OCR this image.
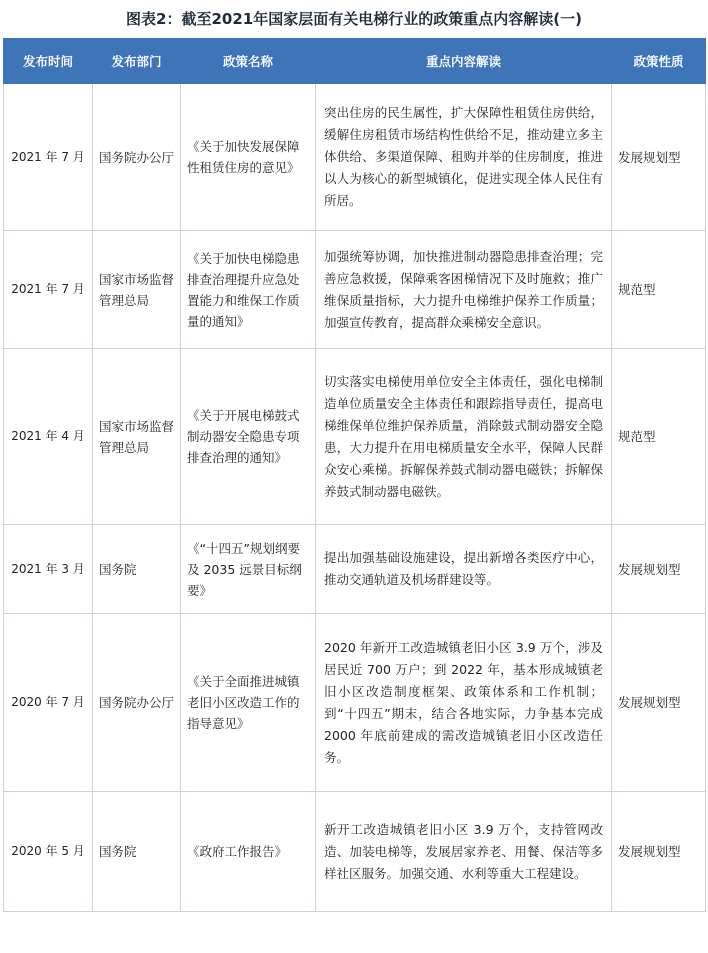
图表2：截至2021年国家层面有关电梯行业的政策重点内容解读(一)
发布时间	发布部门	政策名称	重点内容解读	政策性质
2021 年 7 月	国务院办公厅	《关于加快发展保障性租赁住房的意见》	突出住房的民生属性，扩大保障性租赁住房供给，缓解住房租赁市场结构性供给不足，推动建立多主体供给、多渠道保障、租购并举的住房制度，推进以人为核心的新型城镇化，促进实现全体人民住有所居。	发展规划型
2021 年 7 月	国家市场监督管理总局	《关于加快电梯隐患排查治理提升应急处置能力和维保工作质量的通知》	加强统筹协调，加快推进制动器隐患排查治理；完善应急救援，保障乘客困梯情况下及时施救；推广维保质量指标，大力提升电梯维护保养工作质量；加强宣传教育，提高群众乘梯安全意识。	规范型
2021 年 4 月	国家市场监督管理总局	《关于开展电梯鼓式制动器安全隐患专项排查治理的通知》	切实落实电梯使用单位安全主体责任，强化电梯制造单位质量安全主体责任和跟踪指导责任，提高电梯维保单位维护保养质量，消除鼓式制动器安全隐患，大力提升在用电梯质量安全水平，保障人民群众安心乘梯。拆解保养鼓式制动器电磁铁；拆解保养鼓式制动器电磁铁。	规范型
2021 年 3 月	国务院	《“十四五”规划纲要及 2035 远景目标纲要》	提出加强基础设施建设，提出新增各类医疗中心，推动交通轨道及机场群建设等。	发展规划型
2020 年 7 月	国务院办公厅	《关于全面推进城镇老旧小区改造工作的指导意见》	2020 年新开工改造城镇老旧小区 3.9 万个，涉及居民近 700 万户；到 2022 年，基本形成城镇老旧小区改造制度框架、政策体系和工作机制；到“十四五”期末，结合各地实际，力争基本完成 2000 年底前建成的需改造城镇老旧小区改造任务。	发展规划型
2020 年 5 月	国务院	《政府工作报告》	新开工改造城镇老旧小区 3.9 万个，支持管网改造、加装电梯等，发展居家养老、用餐、保洁等多样社区服务。加强交通、水利等重大工程建设。	发展规划型
